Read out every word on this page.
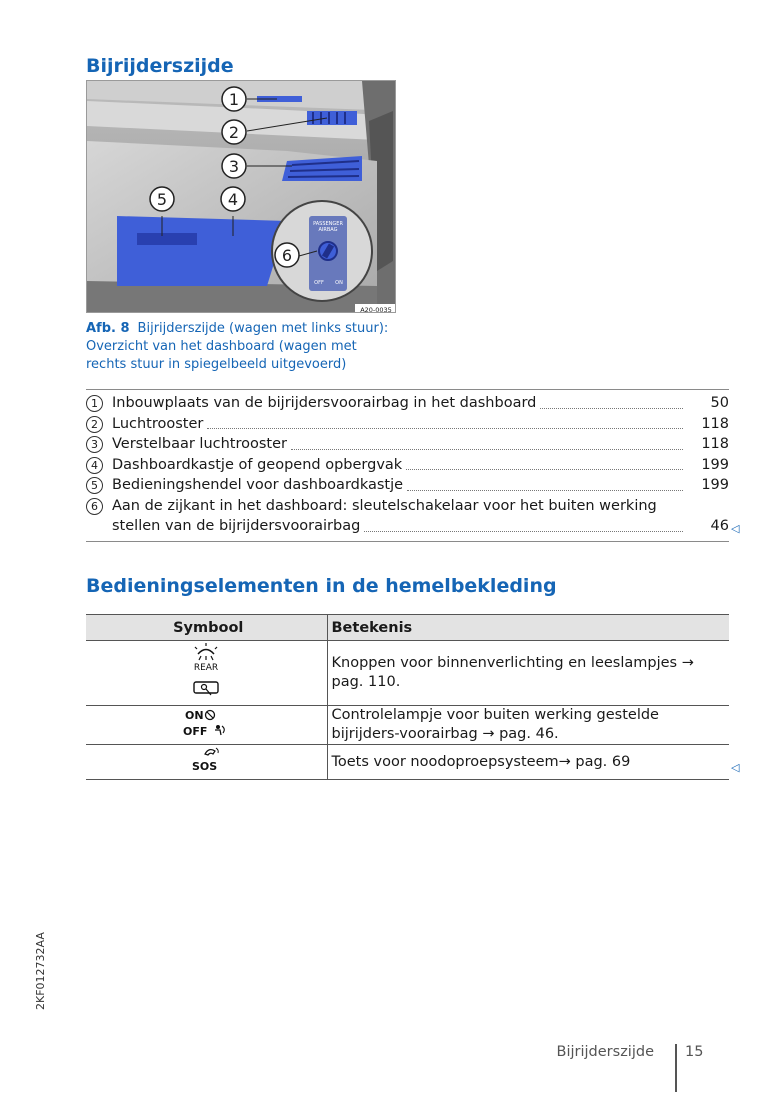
Bijrijderszijde
PASSENGER
AIRBAG
OFF ON
1
2
3
5	4
6
A20-0035
Afb. 8 Bijrijderszijde (wagen met links stuur): Overzicht van het dashboard (wagen met rechts stuur in spiegelbeeld uitgevoerd)
1 Inbouwplaats van de bijrijdersvoorairbag in het dashboard	50
2 Luchtrooster	118
3 Verstelbaar luchtrooster	118
4 Dashboardkastje of geopend opbergvak	199
5 Bedieningshendel voor dashboardkastje	199
6 Aan de zijkant in het dashboard: sleutelschakelaar voor het buiten werking
stellen van de bijrijdersvoorairbag	46 ◁
Bedieningselementen in de hemelbekleding
Symbool	Betekenis

REAR	Knoppen voor binnenverlichting en leeslampjes → pag. 110.

ON
OFF	Controlelampje voor buiten werking gestelde bijrijders-voorairbag → pag. 46.

SOS	Toets voor noodoproepsysteem→ pag. 69	◁
2KF012732AA
Bijrijderszijde 15
